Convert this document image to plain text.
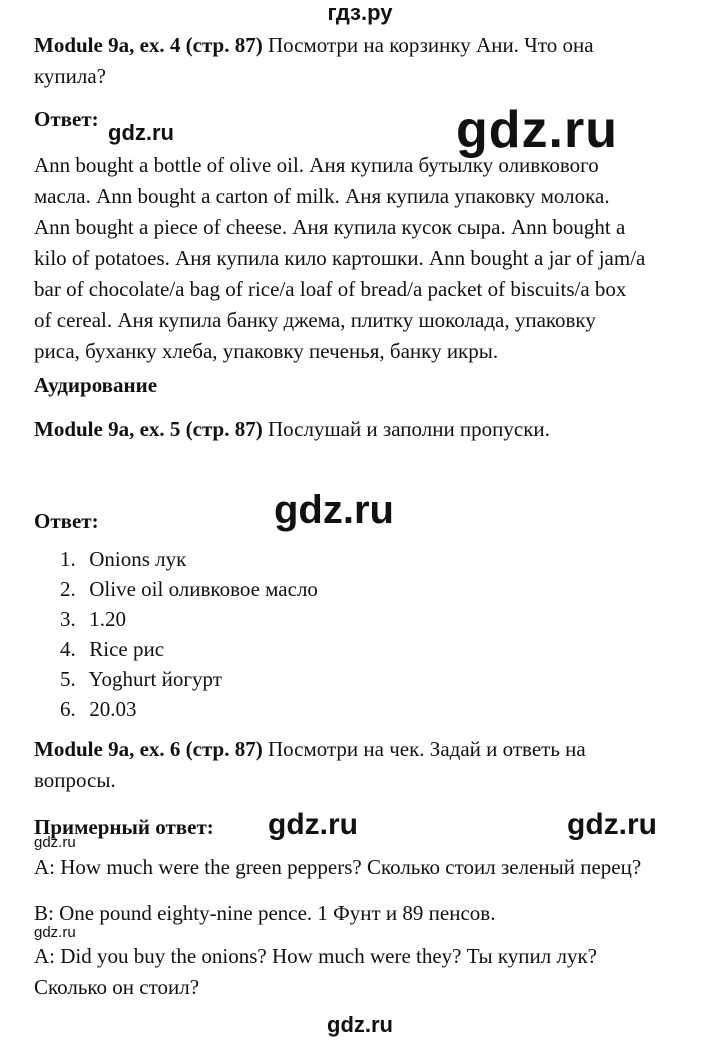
гдз.ру
Module 9a, ex. 4 (стр. 87) Посмотри на корзинку Ани. Что она
купила?
Ответ:
gdz.ru	gdz.ru
Ann bought a bottle of olive oil. Аня купила бутылку оливкового
масла. Ann bought a carton of milk. Аня купила упаковку молока.
Ann bought a piece of cheese. Аня купила кусок сыра. Ann bought a
kilo of potatoes. Аня купила кило картошки. Ann bought a jar of jam/a
bar of chocolate/a bag of rice/a loaf of bread/a packet of biscuits/a box
of cereal. Аня купила банку джема, плитку шоколада, упаковку
риса, буханку хлеба, упаковку печенья, банку икры.
Аудирование
Module 9a, ex. 5 (стр. 87) Послушай и заполни пропуски.
Ответ:	gdz.ru
1. Onions лук
2. Olive oil оливковое масло
3. 1.20
4. Rice рис
5. Yoghurt йогурт
6. 20.03
Module 9a, ex. 6 (стр. 87) Посмотри на чек. Задай и ответь на
вопросы.
Примерный ответ: gdz.ru	gdz.ru
gdz.ru
A: How much were the green peppers? Сколько стоил зеленый перец?
B: One pound eighty-nine pence. 1 Фунт и 89 пенсов.
gdz.ru
A: Did you buy the onions? How much were they? Ты купил лук?
Сколько он стоил?
gdz.ru
